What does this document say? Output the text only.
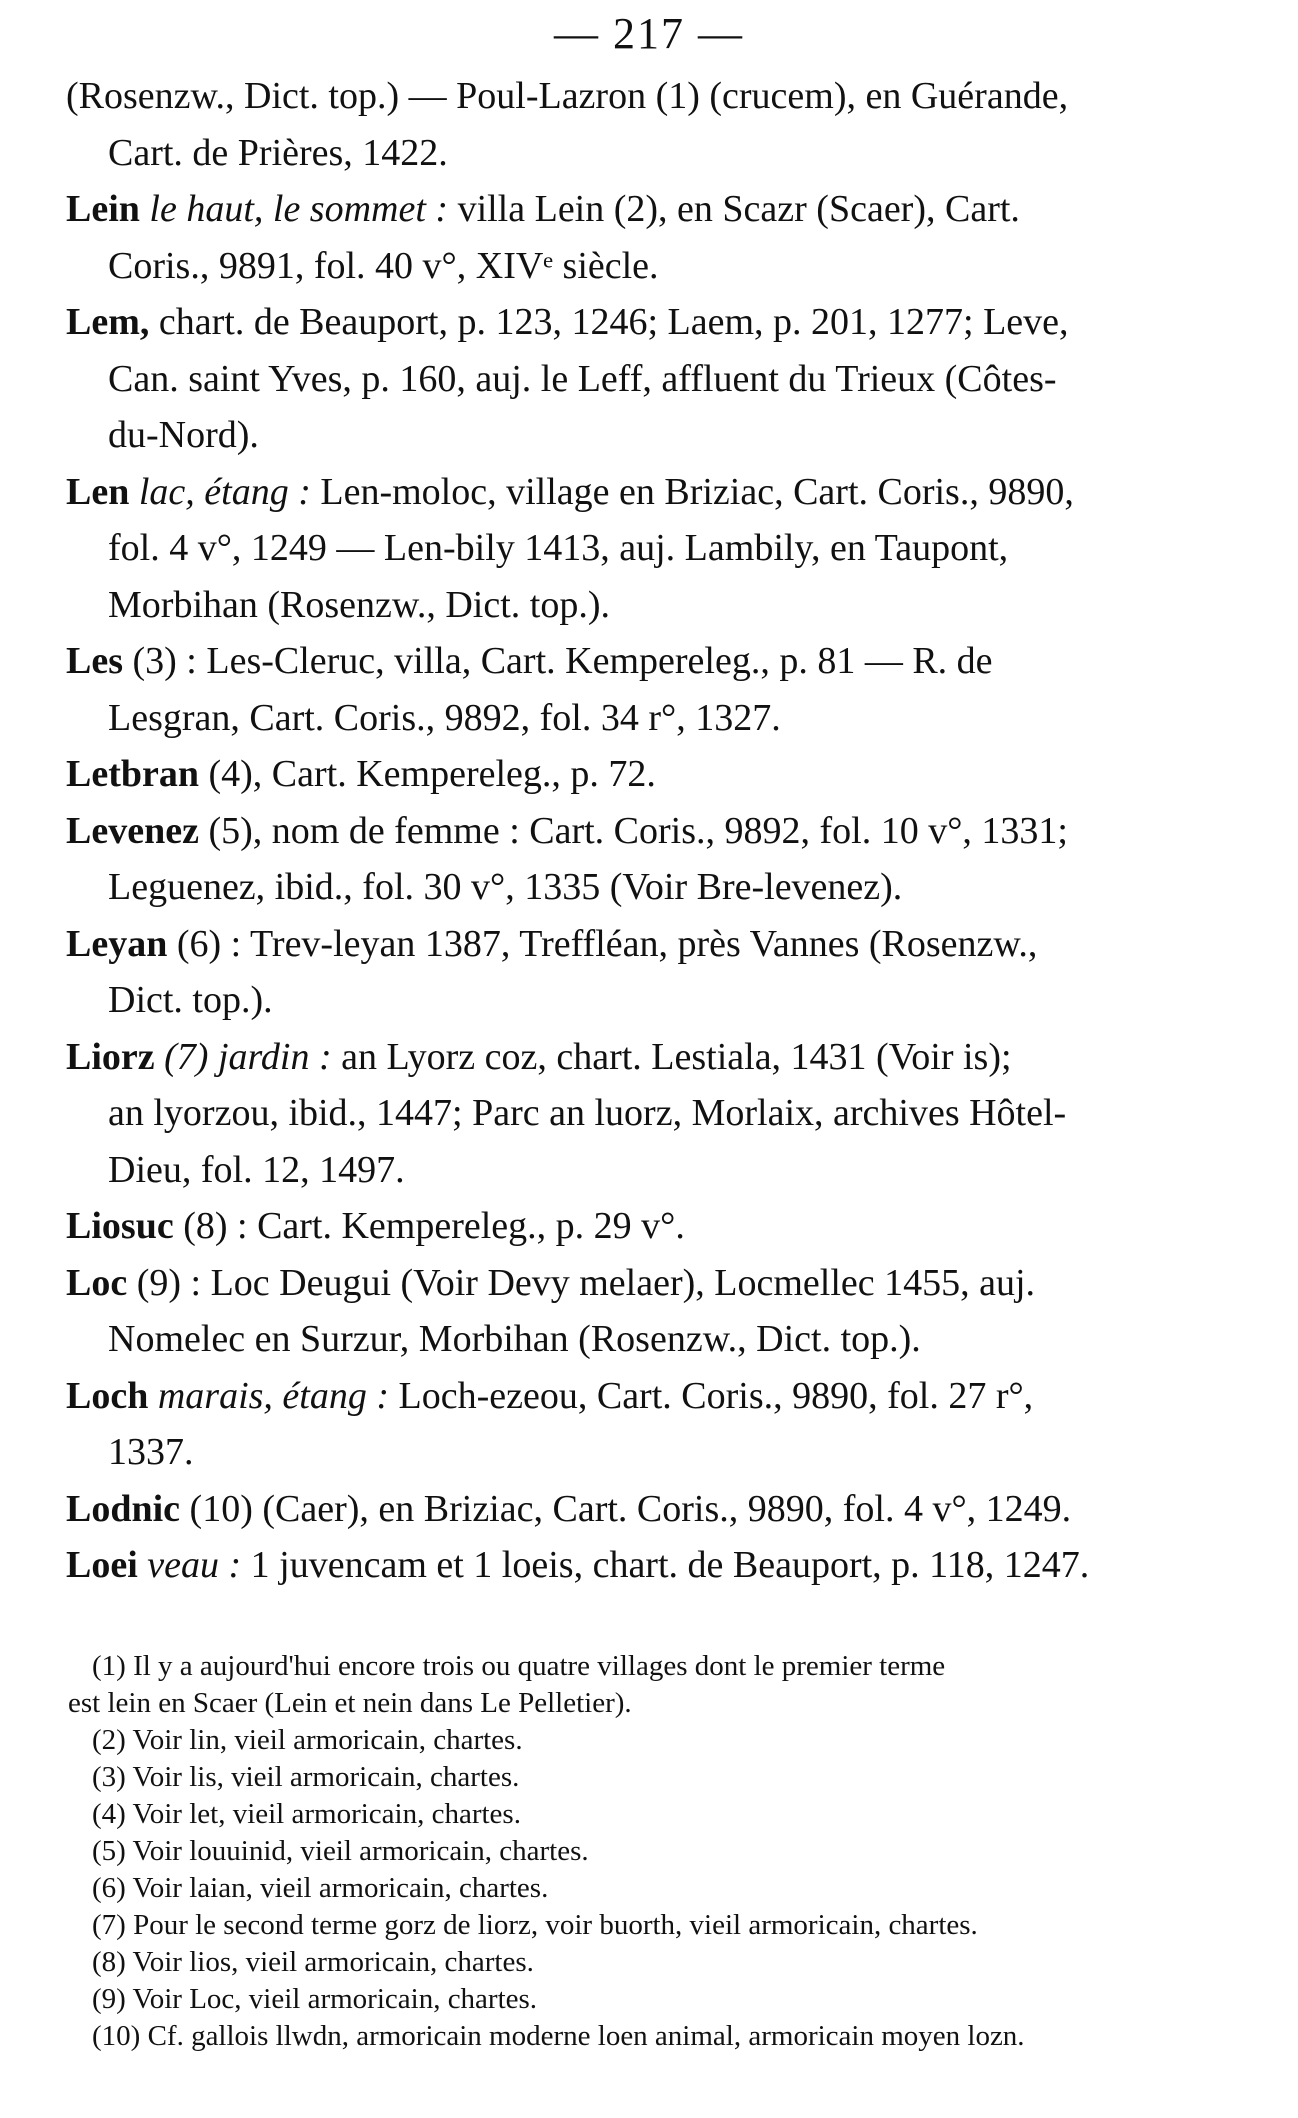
— 217 —
(Rosenzw., Dict. top.) — Poul-Lazron (1) (crucem), en Guérande,
Cart. de Prières, 1422.
Lein le haut, le sommet : villa Lein (2), en Scazr (Scaer), Cart.
Coris., 9891, fol. 40 v°, XIVᵉ siècle.
Lem, chart. de Beauport, p. 123, 1246; Laem, p. 201, 1277; Leve,
Can. saint Yves, p. 160, auj. le Leff, affluent du Trieux (Côtes-
du-Nord).
Len lac, étang : Len-moloc, village en Briziac, Cart. Coris., 9890,
fol. 4 v°, 1249 — Len-bily 1413, auj. Lambily, en Taupont,
Morbihan (Rosenzw., Dict. top.).
Les (3) : Les-Cleruc, villa, Cart. Kempereleg., p. 81 — R. de
Lesgran, Cart. Coris., 9892, fol. 34 r°, 1327.
Letbran (4), Cart. Kempereleg., p. 72.
Levenez (5), nom de femme : Cart. Coris., 9892, fol. 10 v°, 1331;
Leguenez, ibid., fol. 30 v°, 1335 (Voir Bre-levenez).
Leyan (6) : Trev-leyan 1387, Treffléan, près Vannes (Rosenzw.,
Dict. top.).
Liorz (7) jardin : an Lyorz coz, chart. Lestiala, 1431 (Voir is);
an lyorzou, ibid., 1447; Parc an luorz, Morlaix, archives Hôtel-
Dieu, fol. 12, 1497.
Liosuc (8) : Cart. Kempereleg., p. 29 v°.
Loc (9) : Loc Deugui (Voir Devy melaer), Locmellec 1455, auj.
Nomelec en Surzur, Morbihan (Rosenzw., Dict. top.).
Loch marais, étang : Loch-ezeou, Cart. Coris., 9890, fol. 27 r°,
1337.
Lodnic (10) (Caer), en Briziac, Cart. Coris., 9890, fol. 4 v°, 1249.
Loei veau : 1 juvencam et 1 loeis, chart. de Beauport, p. 118, 1247.
(1) Il y a aujourd'hui encore trois ou quatre villages dont le premier terme
est lein en Scaer (Lein et nein dans Le Pelletier).
(2) Voir lin, vieil armoricain, chartes.
(3) Voir lis, vieil armoricain, chartes.
(4) Voir let, vieil armoricain, chartes.
(5) Voir louuinid, vieil armoricain, chartes.
(6) Voir laian, vieil armoricain, chartes.
(7) Pour le second terme gorz de liorz, voir buorth, vieil armoricain, chartes.
(8) Voir lios, vieil armoricain, chartes.
(9) Voir Loc, vieil armoricain, chartes.
(10) Cf. gallois llwdn, armoricain moderne loen animal, armoricain moyen lozn.
